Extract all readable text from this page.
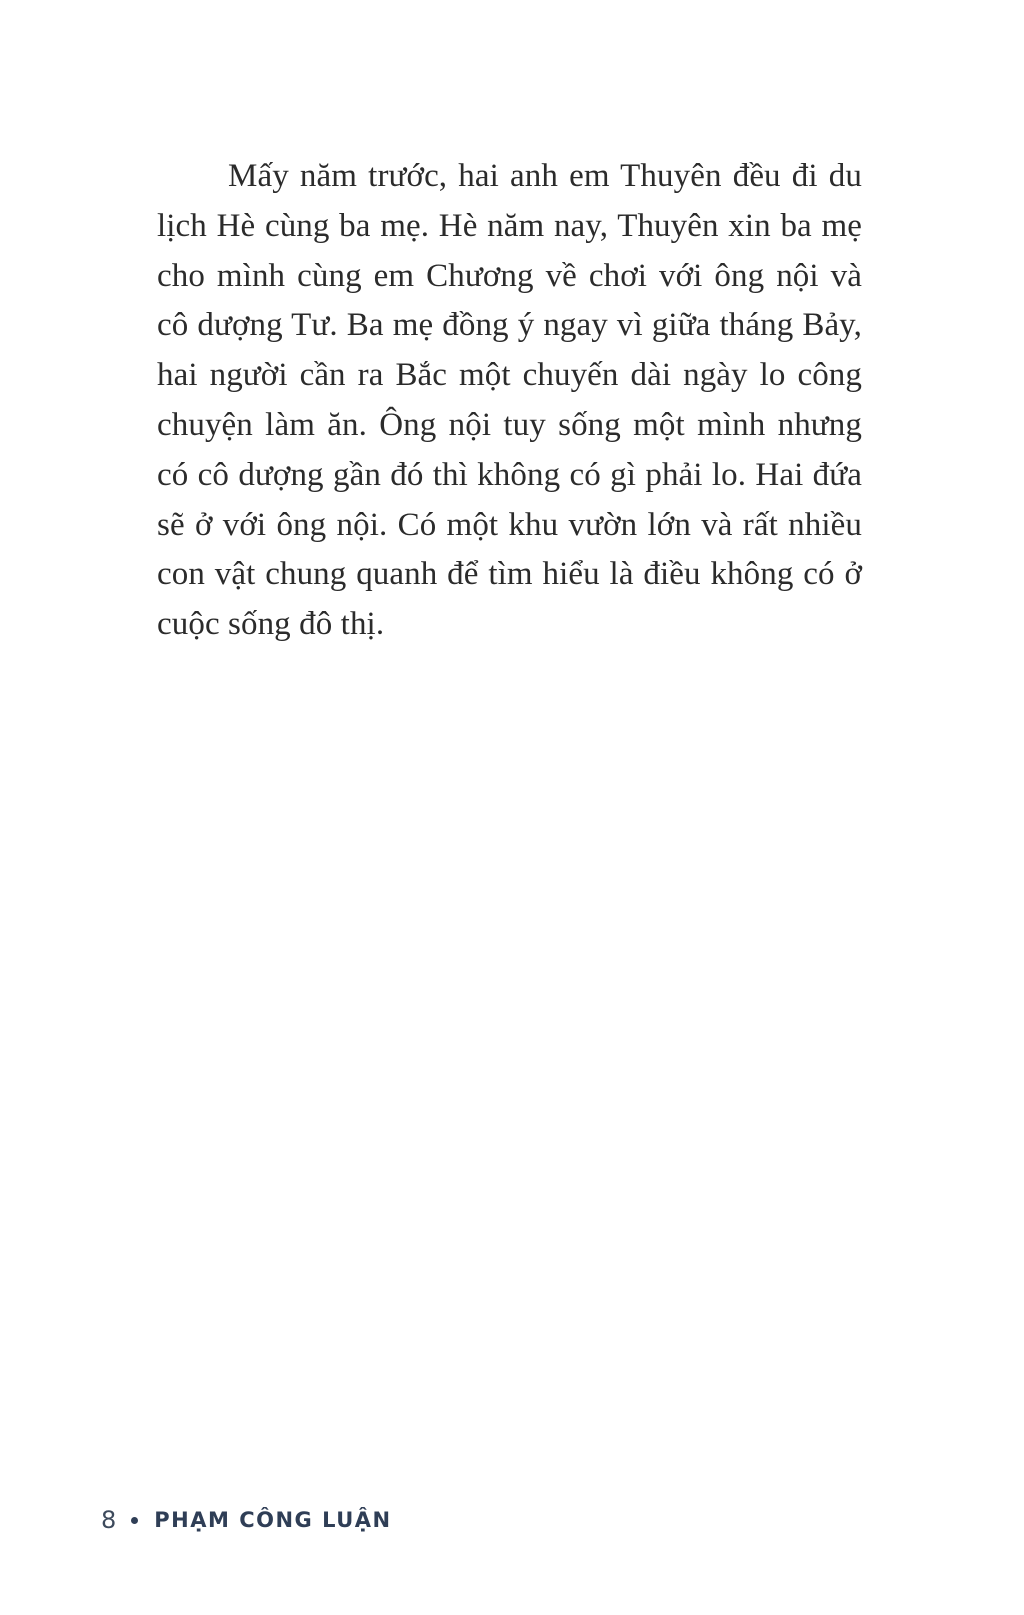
Mấy năm trước, hai anh em Thuyên đều đi du lịch Hè cùng ba mẹ. Hè năm nay, Thuyên xin ba mẹ cho mình cùng em Chương về chơi với ông nội và cô dượng Tư. Ba mẹ đồng ý ngay vì giữa tháng Bảy, hai người cần ra Bắc một chuyến dài ngày lo công chuyện làm ăn. Ông nội tuy sống một mình nhưng có cô dượng gần đó thì không có gì phải lo. Hai đứa sẽ ở với ông nội. Có một khu vườn lớn và rất nhiều con vật chung quanh để tìm hiểu là điều không có ở cuộc sống đô thị.

8 PHẠM CÔNG LUẬN
